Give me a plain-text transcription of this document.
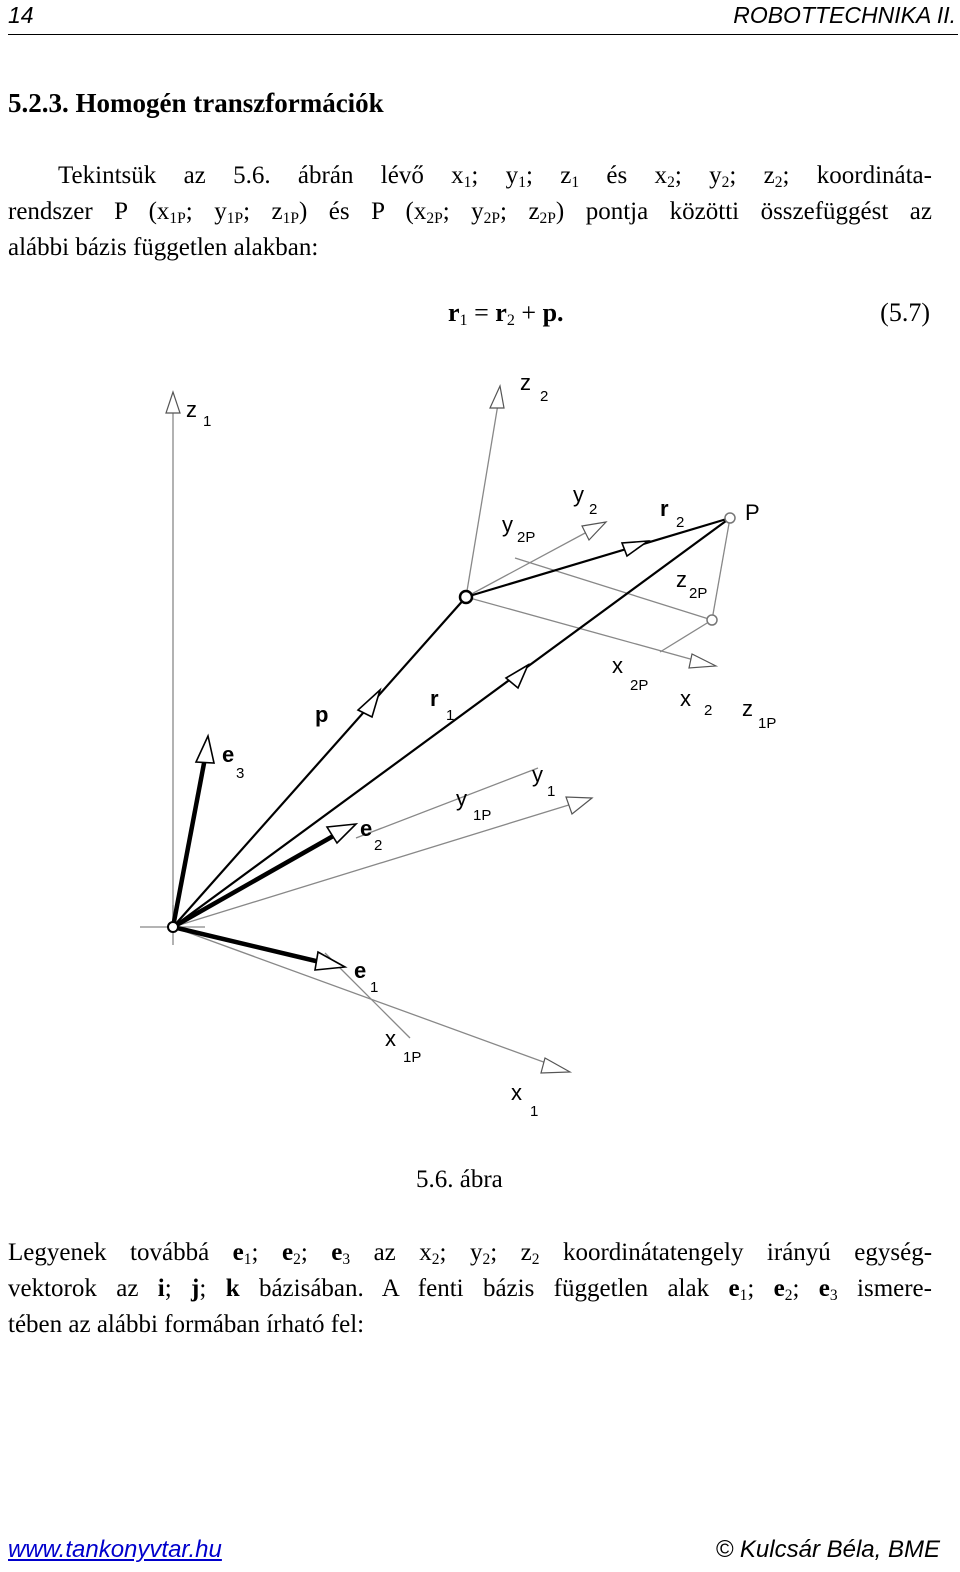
14	ROBOTTECHNIKA II.
5.2.3. Homogén transzformációk
  Tekintsük az 5.6. ábrán lévő $x_1$; $y_1$; $z_1$ és $x_2$; $y_2$; $z_2$; koordináta-
rendszer P ($x_{1P}$; $y_{1P}$; $z_{1P}$) és P ($x_{2P}$; $y_{2P}$; $z_{2P}$) pontja közötti összefüggést az
alábbi bázis független alakban:
$r_1 = r_2 + p$.	(5.7)
z 1
z
2
y
2
y
2P
r
2	P
z
2P
x
2P
x 2 z
1P
p
r
1
e
3	y
1
y
1P
e
2
e
1
x
1P
x
1
5.6. ábra
Legyenek továbbá $e_1$; $e_2$; $e_3$ az $x_2$; $y_2$; $z_2$ koordinátatengely irányú egység-
vektorok az i; j; k bázisában. A fenti bázis független alak $e_1$; $e_2$; $e_3$ ismere-
tében az alábbi formában írható fel:
www.tankonyvtar.hu	© Kulcsár Béla, BME
